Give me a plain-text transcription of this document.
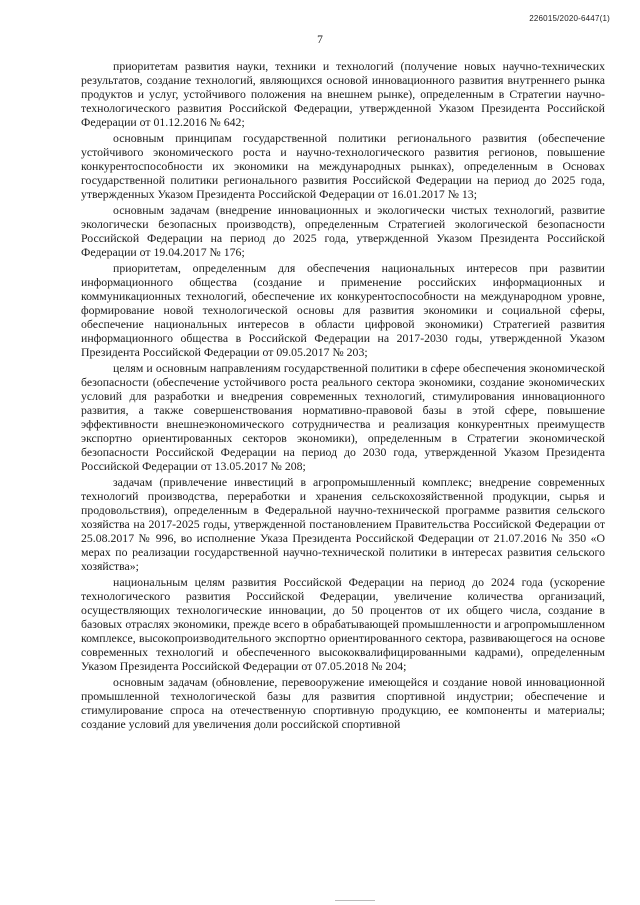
226015/2020-6447(1)
7

приоритетам развития науки, техники и технологий (получение новых научно-технических результатов, создание технологий, являющихся основой инновационного развития внутреннего рынка продуктов и услуг, устойчивого положения на внешнем рынке), определенным в Стратегии научно-технологического развития Российской Федерации, утвержденной Указом Президента Российской Федерации от 01.12.2016 № 642;

основным принципам государственной политики регионального развития (обеспечение устойчивого экономического роста и научно-технологического развития регионов, повышение конкурентоспособности их экономики на международных рынках), определенным в Основах государственной политики регионального развития Российской Федерации на период до 2025 года, утвержденных Указом Президента Российской Федерации от 16.01.2017 № 13;

основным задачам (внедрение инновационных и экологически чистых технологий, развитие экологически безопасных производств), определенным Стратегией экологической безопасности Российской Федерации на период до 2025 года, утвержденной Указом Президента Российской Федерации от 19.04.2017 № 176;

приоритетам, определенным для обеспечения национальных интересов при развитии информационного общества (создание и применение российских информационных и коммуникационных технологий, обеспечение их конкурентоспособности на международном уровне, формирование новой технологической основы для развития экономики и социальной сферы, обеспечение национальных интересов в области цифровой экономики) Стратегией развития информационного общества в Российской Федерации на 2017-2030 годы, утвержденной Указом Президента Российской Федерации от 09.05.2017 № 203;

целям и основным направлениям государственной политики в сфере обеспечения экономической безопасности (обеспечение устойчивого роста реального сектора экономики, создание экономических условий для разработки и внедрения современных технологий, стимулирования инновационного развития, а также совершенствования нормативно-правовой базы в этой сфере, повышение эффективности внешнеэкономического сотрудничества и реализация конкурентных преимуществ экспортно ориентированных секторов экономики), определенным в Стратегии экономической безопасности Российской Федерации на период до 2030 года, утвержденной Указом Президента Российской Федерации от 13.05.2017 № 208;

задачам (привлечение инвестиций в агропромышленный комплекс; внедрение современных технологий производства, переработки и хранения сельскохозяйственной продукции, сырья и продовольствия), определенным в Федеральной научно-технической программе развития сельского хозяйства на 2017-2025 годы, утвержденной постановлением Правительства Российской Федерации от 25.08.2017 № 996, во исполнение Указа Президента Российской Федерации от 21.07.2016 № 350 «О мерах по реализации государственной научно-технической политики в интересах развития сельского хозяйства»;

национальным целям развития Российской Федерации на период до 2024 года (ускорение технологического развития Российской Федерации, увеличение количества организаций, осуществляющих технологические инновации, до 50 процентов от их общего числа, создание в базовых отраслях экономики, прежде всего в обрабатывающей промышленности и агропромышленном комплексе, высокопроизводительного экспортно ориентированного сектора, развивающегося на основе современных технологий и обеспеченного высококвалифицированными кадрами), определенным Указом Президента Российской Федерации от 07.05.2018 № 204;

основным задачам (обновление, перевооружение имеющейся и создание новой инновационной промышленной технологической базы для развития спортивной индустрии; обеспечение и стимулирование спроса на отечественную спортивную продукцию, ее компоненты и материалы; создание условий для увеличения доли российской спортивной
